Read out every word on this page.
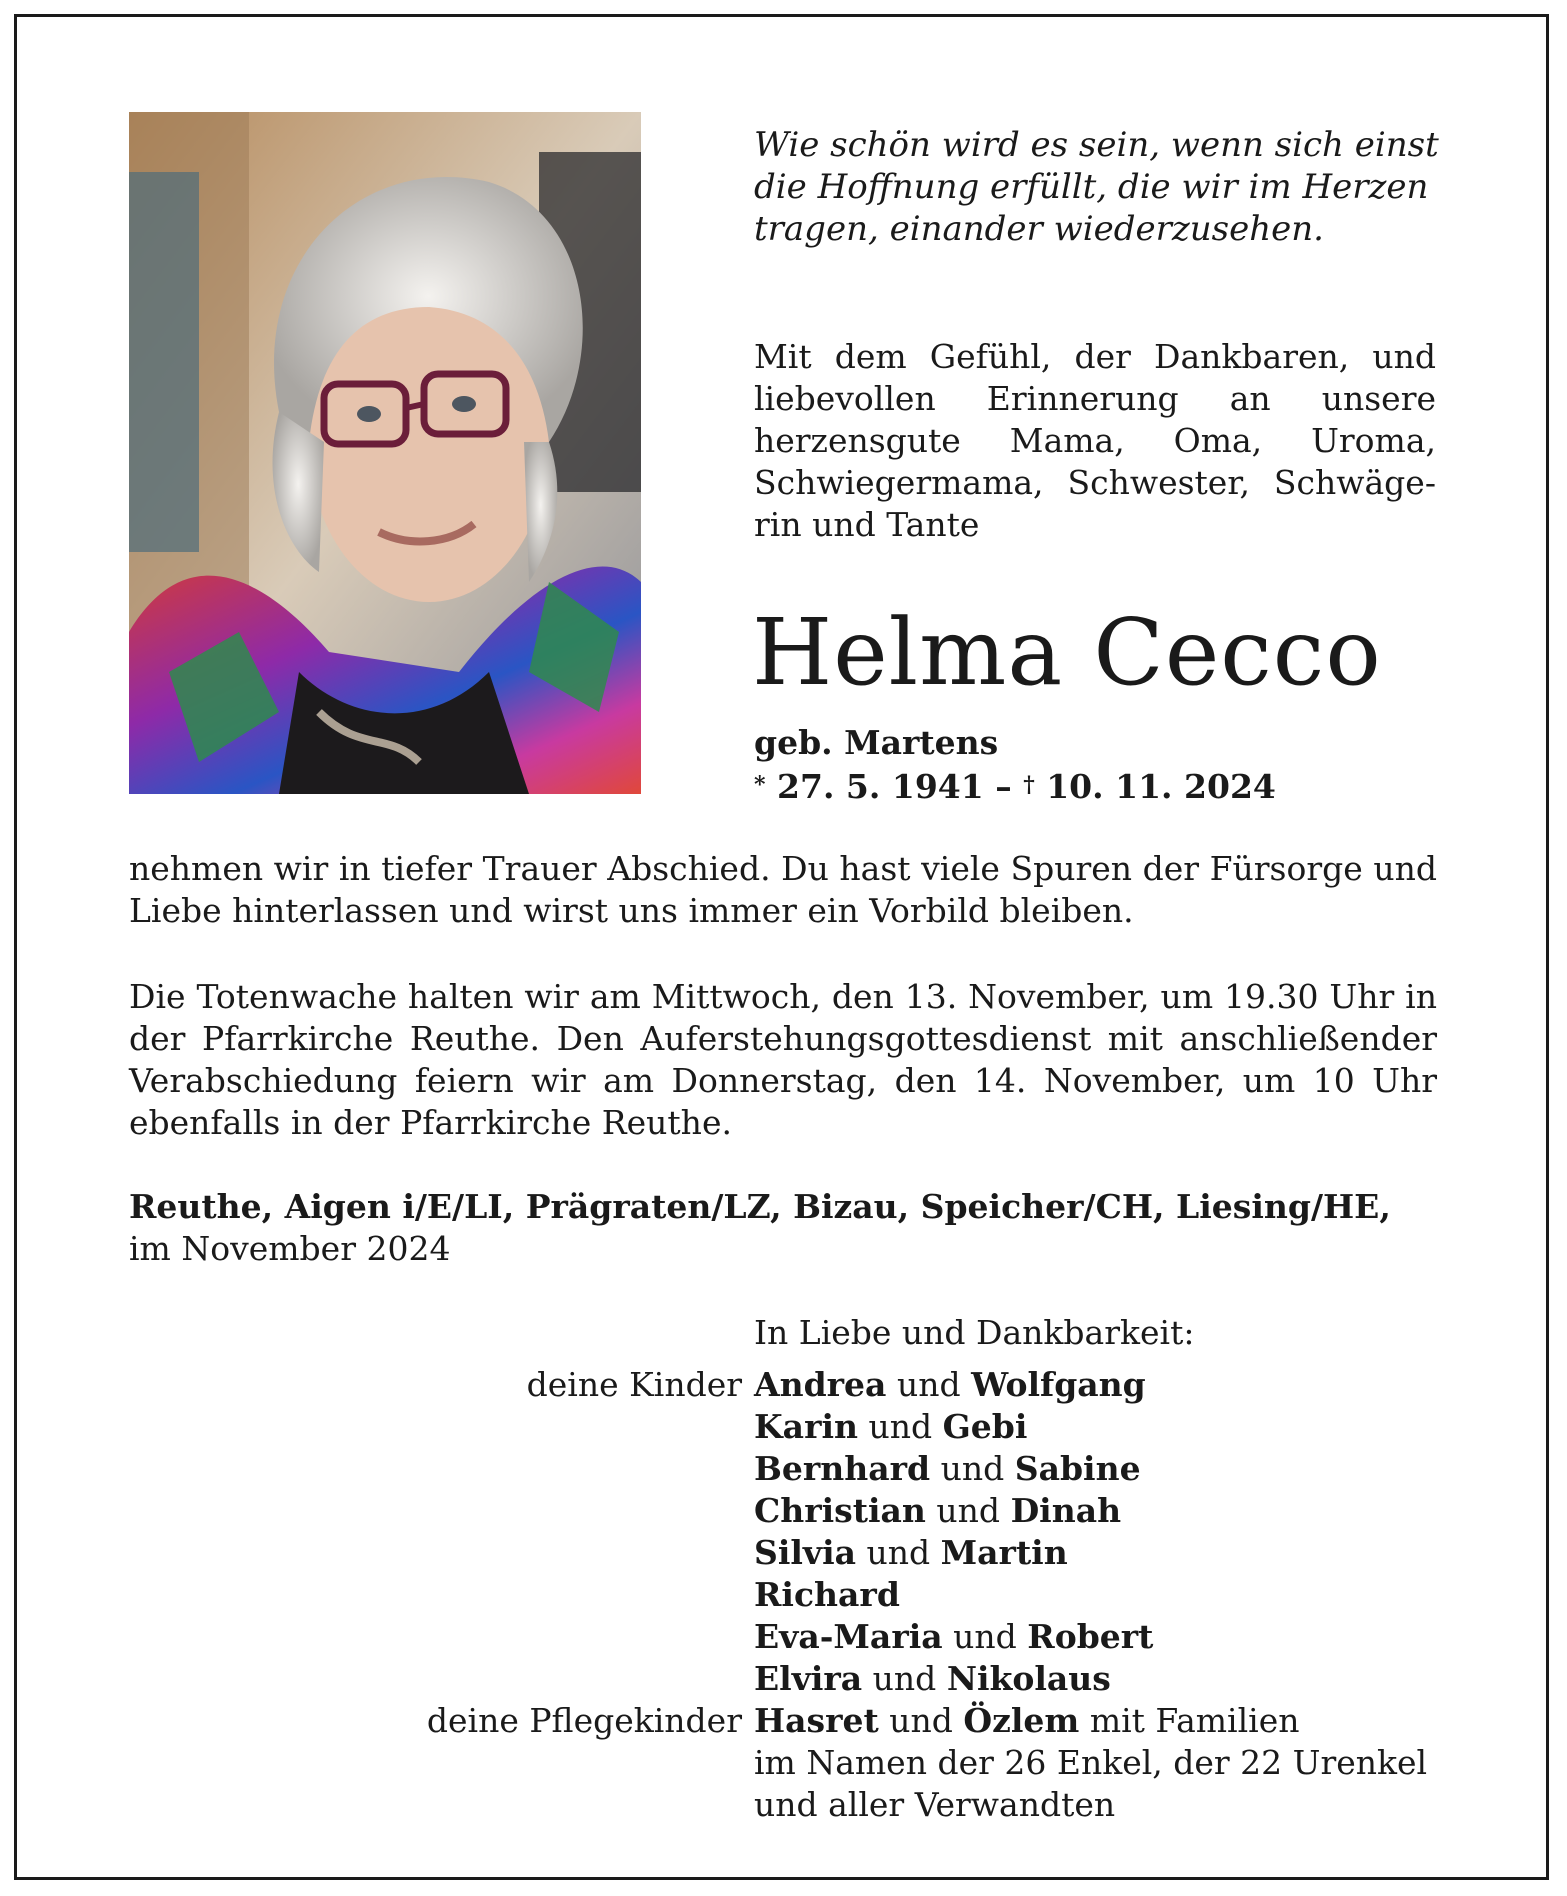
Wie schön wird es sein, wenn sich einst
die Hoffnung erfüllt, die wir im Herzen
tragen, einander wiederzusehen.

Mit dem Gefühl, der Dankbaren, und liebevollen Erinnerung an unsere herzensgute Mama, Oma, Uroma, Schwiegermama, Schwester, Schwäge-rin und Tante

Helma Cecco
geb. Martens
* 27. 5. 1941 – † 10. 11. 2024

nehmen wir in tiefer Trauer Abschied. Du hast viele Spuren der Fürsorge und Liebe hinterlassen und wirst uns immer ein Vorbild bleiben.

Die Totenwache halten wir am Mittwoch, den 13. November, um 19.30 Uhr in der Pfarrkirche Reuthe. Den Auferstehungsgottesdienst mit anschließender Verabschiedung feiern wir am Donnerstag, den 14. November, um 10 Uhr ebenfalls in der Pfarrkirche Reuthe.

Reuthe, Aigen i/E/LI, Prägraten/LZ, Bizau, Speicher/CH, Liesing/HE, im November 2024

In Liebe und Dankbarkeit:
deine Kinder
deine Pflegekinder
Andrea und Wolfgang
Karin und Gebi
Bernhard und Sabine
Christian und Dinah
Silvia und Martin
Richard
Eva-Maria und Robert
Elvira und Nikolaus
Hasret und Özlem mit Familien

im Namen der 26 Enkel, der 22 Urenkel
und aller Verwandten
